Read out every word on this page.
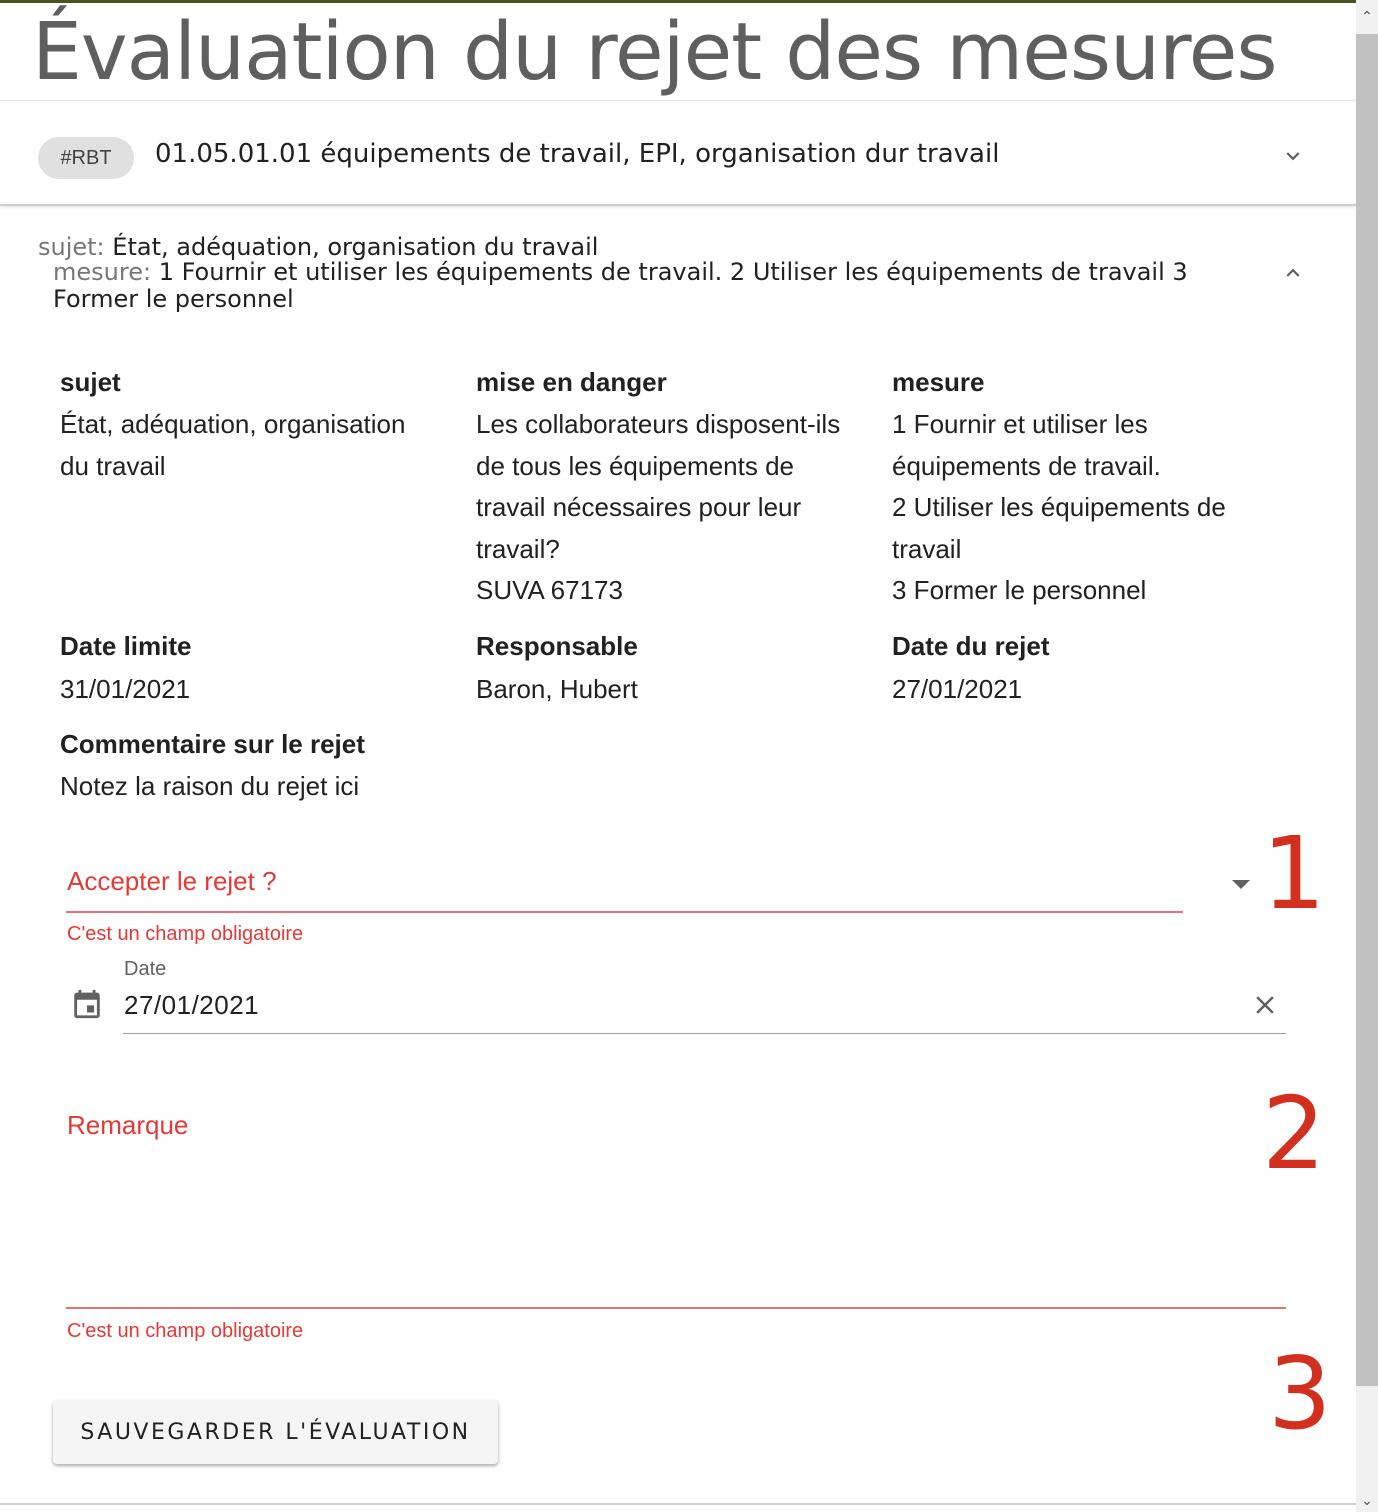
Évaluation du rejet des mesures
#RBT	01.05.01.01 équipements de travail, EPI, organisation dur travail
sujet: État, adéquation, organisation du travail
mesure: 1 Fournir et utiliser les équipements de travail. 2 Utiliser les équipements de travail 3 Former le personnel
sujet
État, adéquation, organisation
du travail
mise en danger
Les collaborateurs disposent-ils
de tous les équipements de
travail nécessaires pour leur
travail?
SUVA 67173
mesure
1 Fournir et utiliser les
équipements de travail.
2 Utiliser les équipements de
travail
3 Former le personnel
Date limite
31/01/2021
Responsable
Baron, Hubert
Date du rejet
27/01/2021
Commentaire sur le rejet
Notez la raison du rejet ici
Accepter le rejet ?
C'est un champ obligatoire
Date
27/01/2021
Remarque
C'est un champ obligatoire
SAUVEGARDER L'ÉVALUATION
1
2
3
⌃
⌄
